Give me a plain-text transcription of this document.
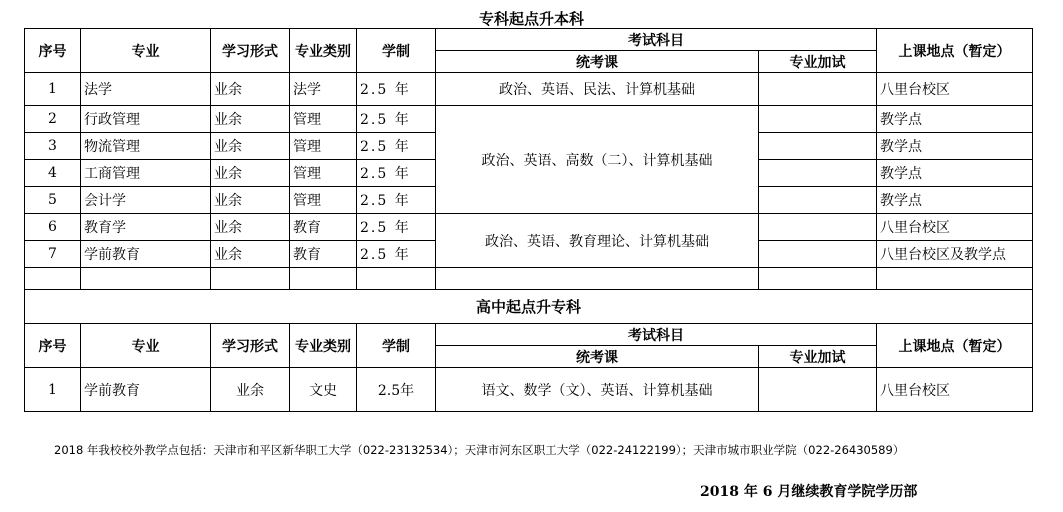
专科起点升本科
序号	专业	学习形式	专业类别	学制	考试科目		上课地点（暂定）
					统考课	专业加试	
1	法学	业余	法学	2.5 年	政治、英语、民法、计算机基础		八里台校区
2	行政管理	业余	管理	2.5 年	政治、英语、高数（二）、计算机基础		教学点
3	物流管理	业余	管理	2.5 年			教学点
4	工商管理	业余	管理	2.5 年			教学点
5	会计学	业余	管理	2.5 年			教学点
6	教育学	业余	教育	2.5 年	政治、英语、教育理论、计算机基础		八里台校区
7	学前教育	业余	教育	2.5 年			八里台校区及教学点

高中起点升专科							
序号	专业	学习形式	专业类别	学制	考试科目		上课地点（暂定）
					统考课	专业加试	
1	学前教育	业余	文史	2.5年	语文、数学（文）、英语、计算机基础		八里台校区
2018 年我校校外教学点包括：天津市和平区新华职工大学（022-23132534）；天津市河东区职工大学（022-24122199）；天津市城市职业学院（022-26430589）
2018 年 6 月继续教育学院学历部
